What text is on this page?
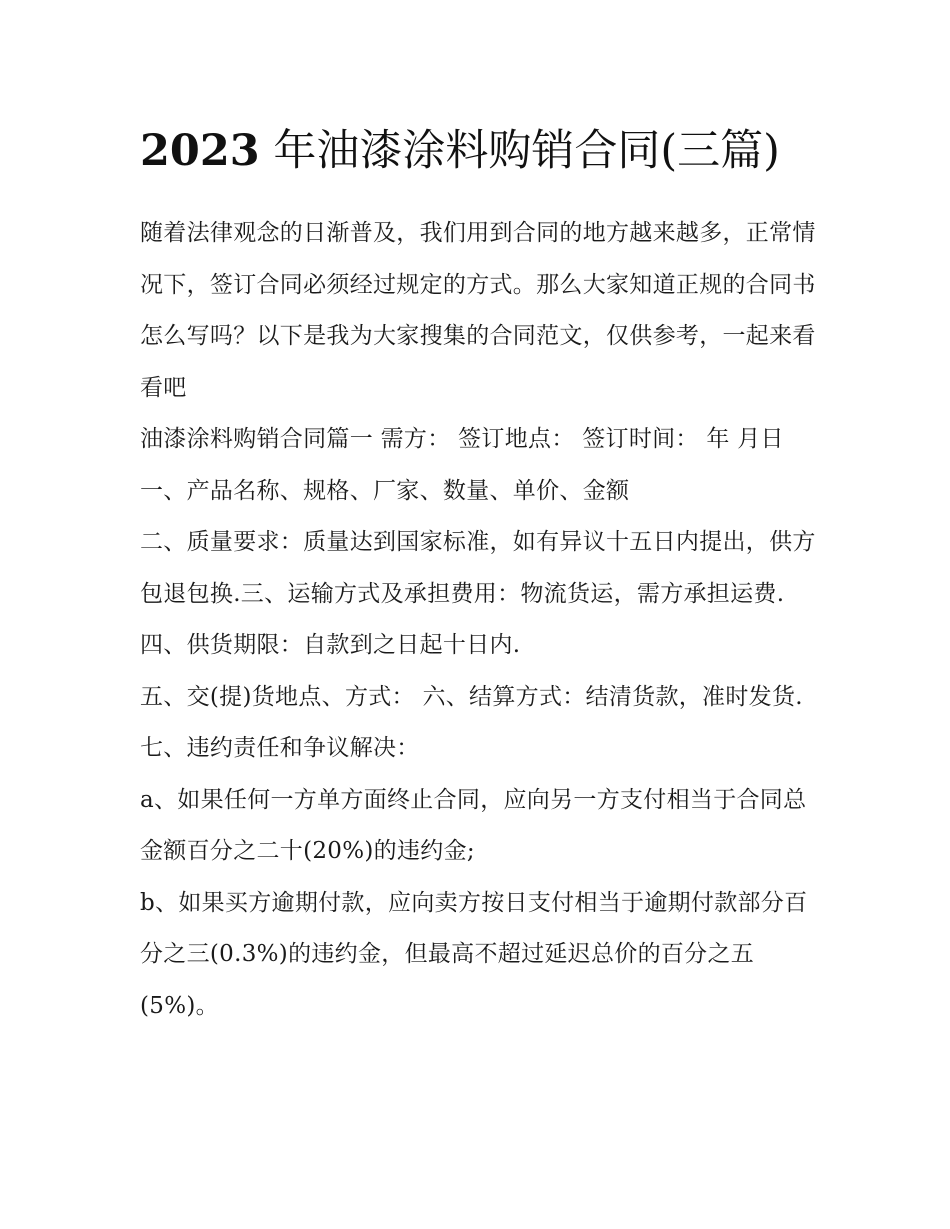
2023 年油漆涂料购销合同(三篇)

随着法律观念的日渐普及，我们用到合同的地方越来越多，正常情况下，签订合同必须经过规定的方式。那么大家知道正规的合同书怎么写吗？以下是我为大家搜集的合同范文，仅供参考，一起来看看吧

油漆涂料购销合同篇一 需方： 签订地点： 签订时间： 年 月日 一、产品名称、规格、厂家、数量、单价、金额

二、质量要求：质量达到国家标准，如有异议十五日内提出，供方包退包换.三、运输方式及承担费用：物流货运，需方承担运费.四、供货期限：自款到之日起十日内.

五、交(提)货地点、方式： 六、结算方式：结清货款，准时发货.七、违约责任和争议解决：

a、如果任何一方单方面终止合同，应向另一方支付相当于合同总金额百分之二十(20%)的违约金;

b、如果买方逾期付款，应向卖方按日支付相当于逾期付款部分百分之三(0.3%)的违约金，但最高不超过延迟总价的百分之五(5%)。
